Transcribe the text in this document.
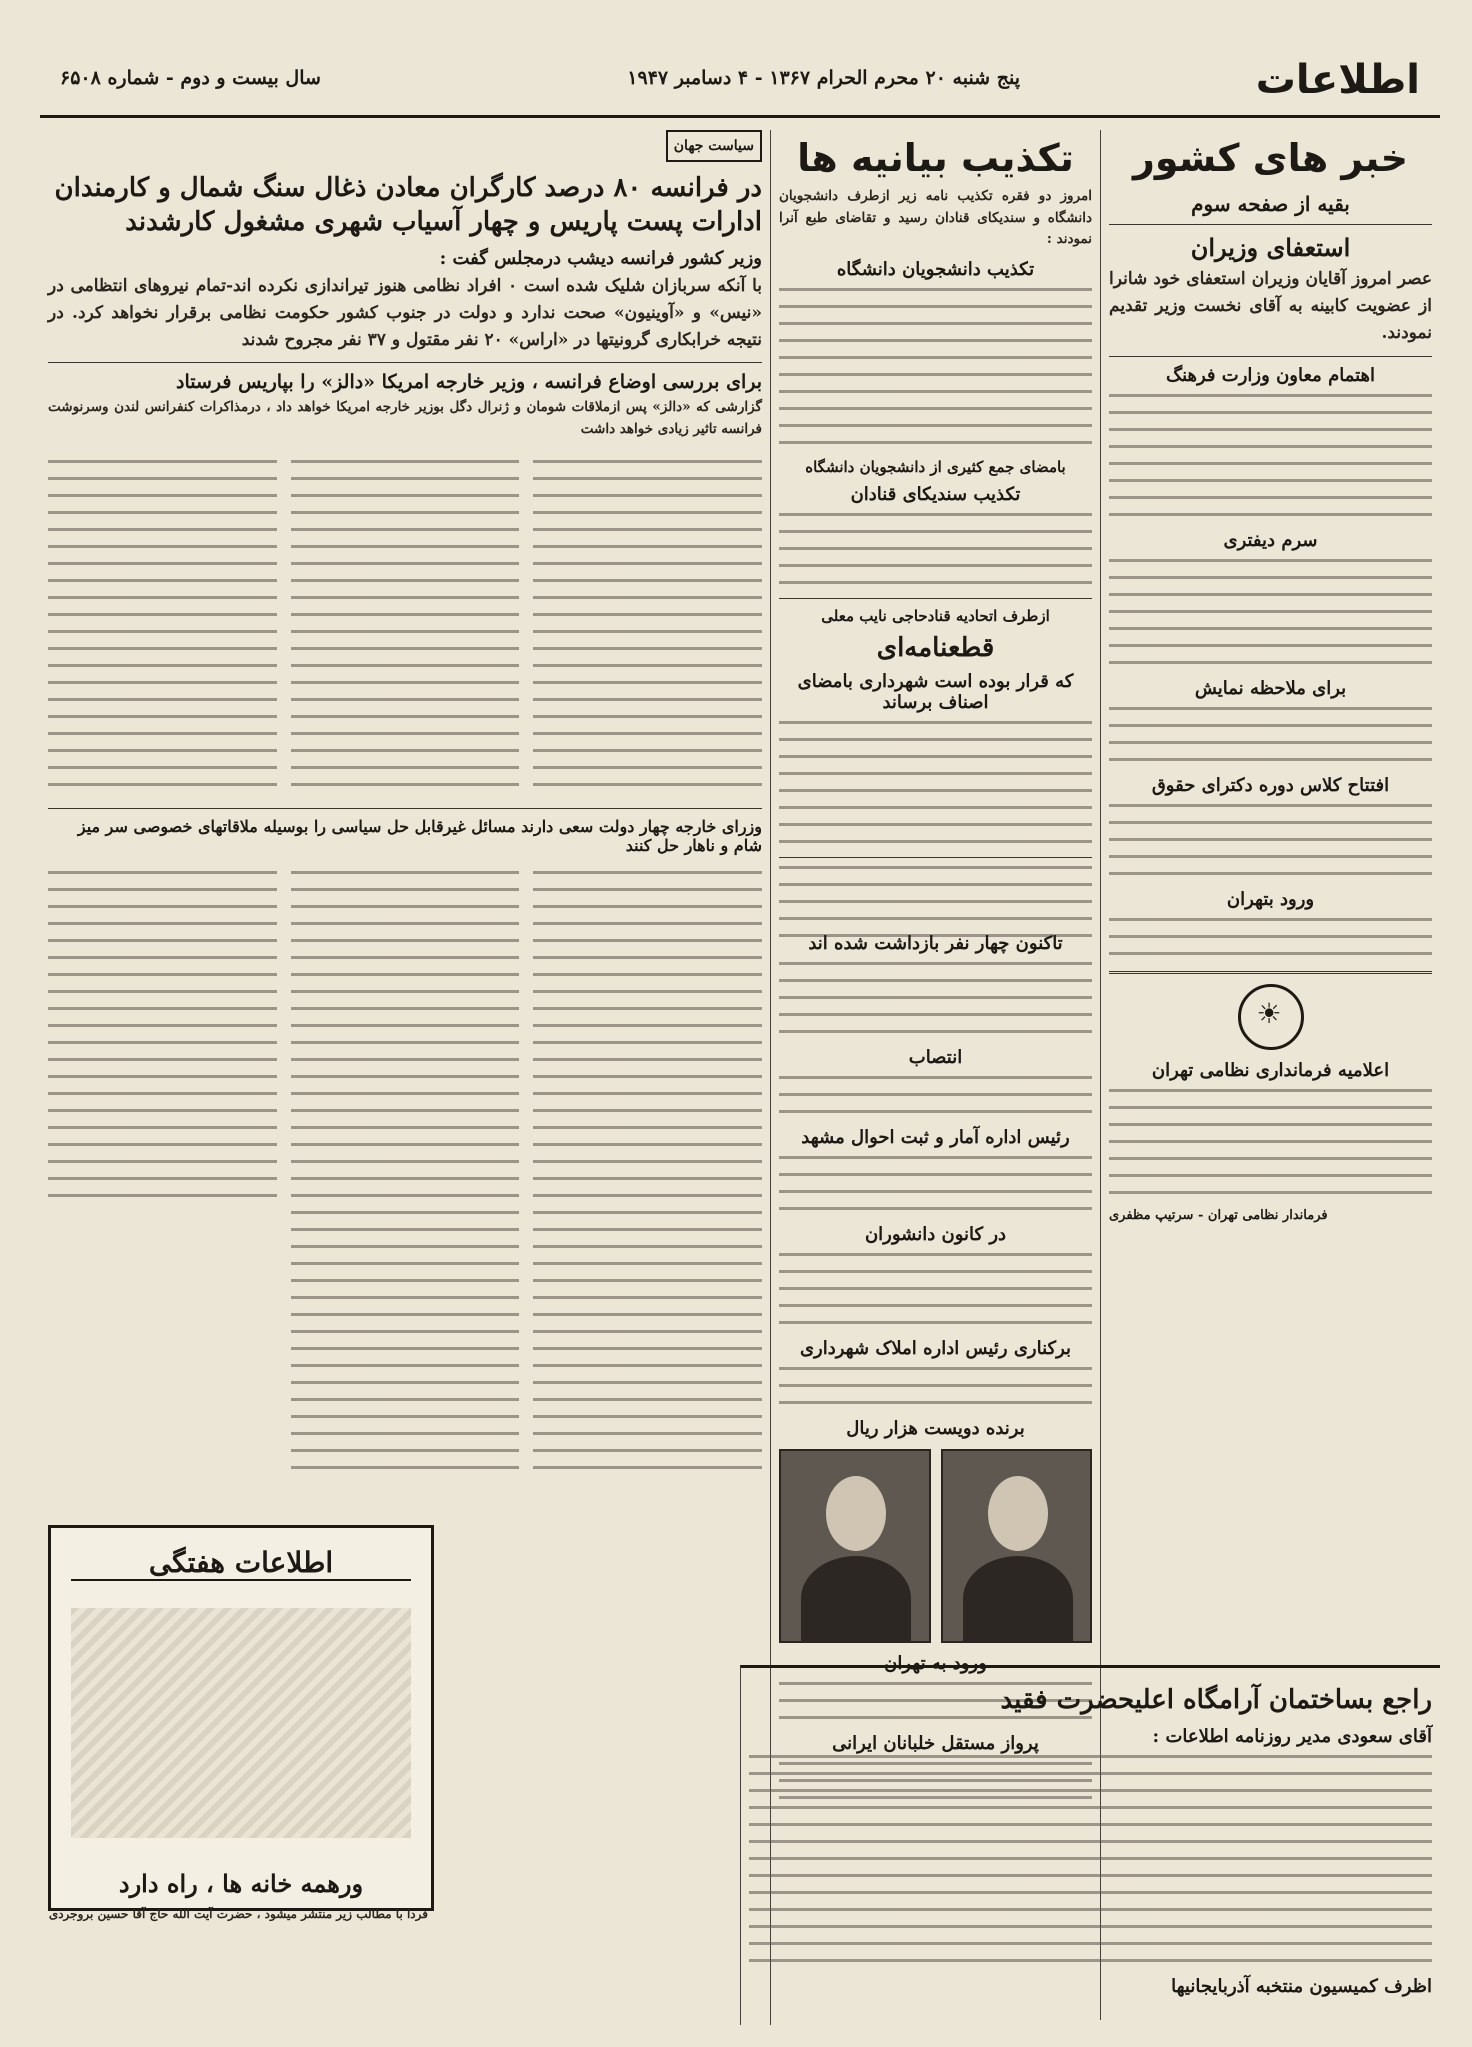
اطلاعات
پنج شنبه ۲۰ محرم الحرام ۱۳۶۷ - ۴ دسامبر ۱۹۴۷
سال بیست و دوم - شماره ۶۵۰۸
خبر های کشور
بقیه از صفحه سوم
استعفای وزیران
عصر امروز آقایان وزیران استعفای خود شانرا از عضویت کابینه به آقای نخست وزیر تقدیم نمودند.
اهتمام معاون وزارت فرهنگ
سرم دیفتری
برای ملاحظه نمایش
افتتاح کلاس دوره دکترای حقوق
ورود بتهران
☀
اعلامیه فرمانداری نظامی تهران
فرماندار نظامی تهران - سرتیپ مظفری
تکذیب بیانیه ها
امروز دو فقره تکذیب نامه زیر ازطرف دانشجویان دانشگاه و سندیکای قنادان رسید و تقاضای طبع آنرا نمودند :
تکذیب دانشجویان دانشگاه
بامضای جمع کثیری از دانشجویان دانشگاه
تکذیب سندیکای قنادان
ازطرف اتحادیه قنادحاجی نایب معلی
قطعنامه‌ای
که قرار بوده است شهرداری بامضای اصناف برساند
تاکنون چهار نفر بازداشت شده اند
انتصاب
رئیس اداره آمار و ثبت احوال مشهد
در کانون دانشوران
برکناری رئیس اداره املاک شهرداری
برنده دویست هزار ریال
ورود به تهران
پرواز مستقل خلبانان ایرانی
سیاست جهان
در فرانسه ۸۰ درصد کارگران معادن ذغال سنگ شمال و کارمندان ادارات پست پاریس و چهار آسیاب شهری مشغول کارشدند
وزیر کشور فرانسه دیشب درمجلس گفت :
با آنکه سربازان شلیک شده است ۰ افراد نظامی هنوز تیراندازی نکرده اند-تمام نیروهای انتظامی در «نیس» و «آوینیون» صحت ندارد و دولت در جنوب کشور حکومت نظامی برقرار نخواهد کرد. در نتیجه خرابکاری گرونیتها در «اراس» ۲۰ نفر مقتول و ۳۷ نفر مجروح شدند
برای بررسی اوضاع فرانسه ، وزیر خارجه امریکا «دالز» را بپاریس فرستاد
گزارشی که «دالز» پس ازملاقات شومان و ژنرال دگل بوزیر خارجه امریکا خواهد داد ، درمذاکرات کنفرانس لندن وسرنوشت فرانسه تاثیر زیادی خواهد داشت
وزرای خارجه چهار دولت سعی دارند مسائل غیرقابل حل سیاسی را بوسیله ملاقاتهای خصوصی سر میز شام و ناهار حل کنند
اطلاعات هفتگی
ورهمه خانه ها ، راه دارد
فردا با مطالب زیر منتشر میشود ، حضرت آیت الله حاج آقا حسین بروجردی
راجع بساختمان آرامگاه اعلیحضرت فقید
آقای سعودی مدیر روزنامه اطلاعات :
اظرف کمیسیون منتخبه آذربایجانیها
